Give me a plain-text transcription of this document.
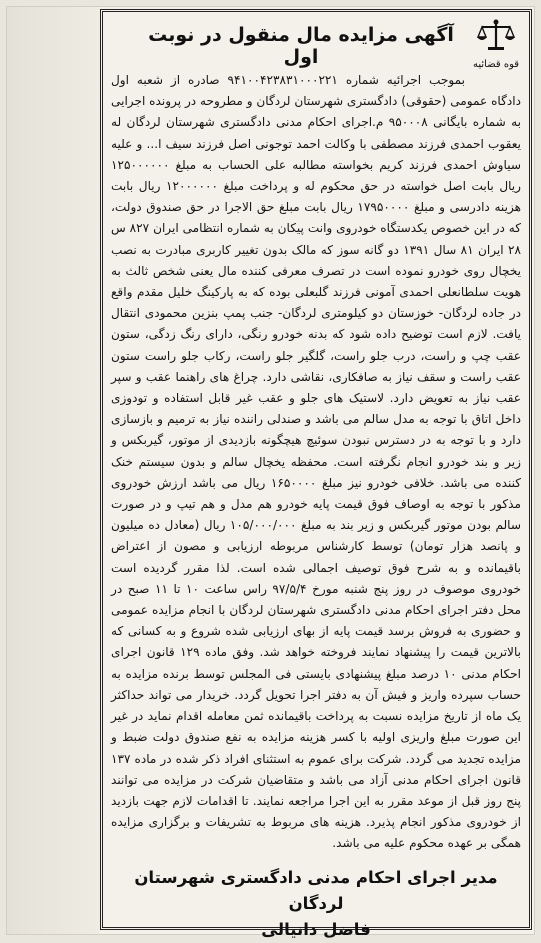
قوه قضائیه
آگهی مزایده مال منقول در نوبت اول

بموجب اجرائیه شماره ۹۴۱۰۰۴۲۳۸۳۱۰۰۰۲۲۱ صادره از شعبه اول دادگاه عمومی (حقوقی) دادگستری شهرستان لردگان و مطروحه در پرونده اجرایی به شماره بایگانی ۹۵۰۰۰۸ م.اجرای احکام مدنی دادگستری شهرستان لردگان له یعقوب احمدی فرزند مصطفی با وکالت احمد توجونی اصل فرزند سیف ا... و علیه سیاوش احمدی فرزند کریم بخواسته مطالبه علی الحساب به مبلغ ۱۲۵۰۰۰۰۰۰ ریال بابت اصل خواسته در حق محکوم له و پرداخت مبلغ ۱۲۰۰۰۰۰۰ ریال بابت هزینه دادرسی و مبلغ ۱۷۹۵۰۰۰۰ ریال بابت مبلغ حق الاجرا در حق صندوق دولت، که در این خصوص یکدستگاه خودروی وانت پیکان به شماره انتظامی ایران ۸۲۷ س ۲۸ ایران ۸۱ سال ۱۳۹۱ دو گانه سوز که مالک بدون تغییر کاربری مبادرت به نصب یخچال روی خودرو نموده است در تصرف معرفی کننده مال یعنی شخص ثالث به هویت سلطانعلی احمدی آمونی فرزند گلبعلی بوده که به پارکینگ خلیل مقدم واقع در جاده لردگان- خوزستان دو کیلومتری لردگان- جنب پمپ بنزین محمودی انتقال یافت. لازم است توضیح داده شود که بدنه خودرو رنگی، دارای رنگ زدگی، ستون عقب چپ و راست، درب جلو راست، گلگیر جلو راست، رکاب جلو راست ستون عقب راست و سقف نیاز به صافکاری، نقاشی دارد. چراغ های راهنما عقب و سپر عقب نیاز به تعویض دارد. لاستیک های جلو و عقب غیر قابل استفاده و تودوزی داخل اتاق با توجه به مدل سالم می باشد و صندلی راننده نیاز به ترمیم و بازسازی دارد و با توجه به در دسترس نبودن سوئیچ هیچگونه بازدیدی از موتور، گیربکس و زیر و بند خودرو انجام نگرفته است. محفظه یخچال سالم و بدون سیستم خنک کننده می باشد. خلافی خودرو نیز مبلغ ۱۶۵۰۰۰۰ ریال می باشد ارزش خودروی مذکور با توجه به اوصاف فوق قیمت پایه خودرو هم مدل و هم تیپ و در صورت سالم بودن موتور گیربکس و زیر بند به مبلغ ۱۰۵/۰۰۰/۰۰۰ ریال (معادل ده میلیون و پانصد هزار تومان) توسط کارشناس مربوطه ارزیابی و مصون از اعتراض باقیمانده و به شرح فوق توصیف اجمالی شده است. لذا مقرر گردیده است خودروی موصوف در روز پنج شنبه مورخ ۹۷/۵/۴ راس ساعت ۱۰ تا ۱۱ صبح در محل دفتر اجرای احکام مدنی دادگستری شهرستان لردگان با انجام مزایده عمومی و حضوری به فروش برسد قیمت پایه از بهای ارزیابی شده شروع و به کسانی که بالاترین قیمت را پیشنهاد نمایند فروخته خواهد شد. وفق ماده ۱۲۹ قانون اجرای احکام مدنی ۱۰ درصد مبلغ پیشنهادی بایستی فی المجلس توسط برنده مزایده به حساب سپرده واریز و فیش آن به دفتر اجرا تحویل گردد. خریدار می تواند حداکثر یک ماه از تاریخ مزایده نسبت به پرداخت باقیمانده ثمن معامله اقدام نماید در غیر این صورت مبلغ واریزی اولیه با کسر هزینه مزایده به نفع صندوق دولت ضبط و مزایده تجدید می گردد. شرکت برای عموم به استثنای افراد ذکر شده در ماده ۱۳۷ قانون اجرای احکام مدنی آزاد می باشد و متقاضیان شرکت در مزایده می توانند پنج روز قبل از موعد مقرر به این اجرا مراجعه نمایند. تا اقدامات لازم جهت بازدید از خودروی مذکور انجام پذیرد. هزینه های مربوط به تشریفات و برگزاری مزایده همگی بر عهده محکوم علیه می باشد.

مدیر اجرای احکام مدنی دادگستری شهرستان لردگان
فاضل دانیالی
